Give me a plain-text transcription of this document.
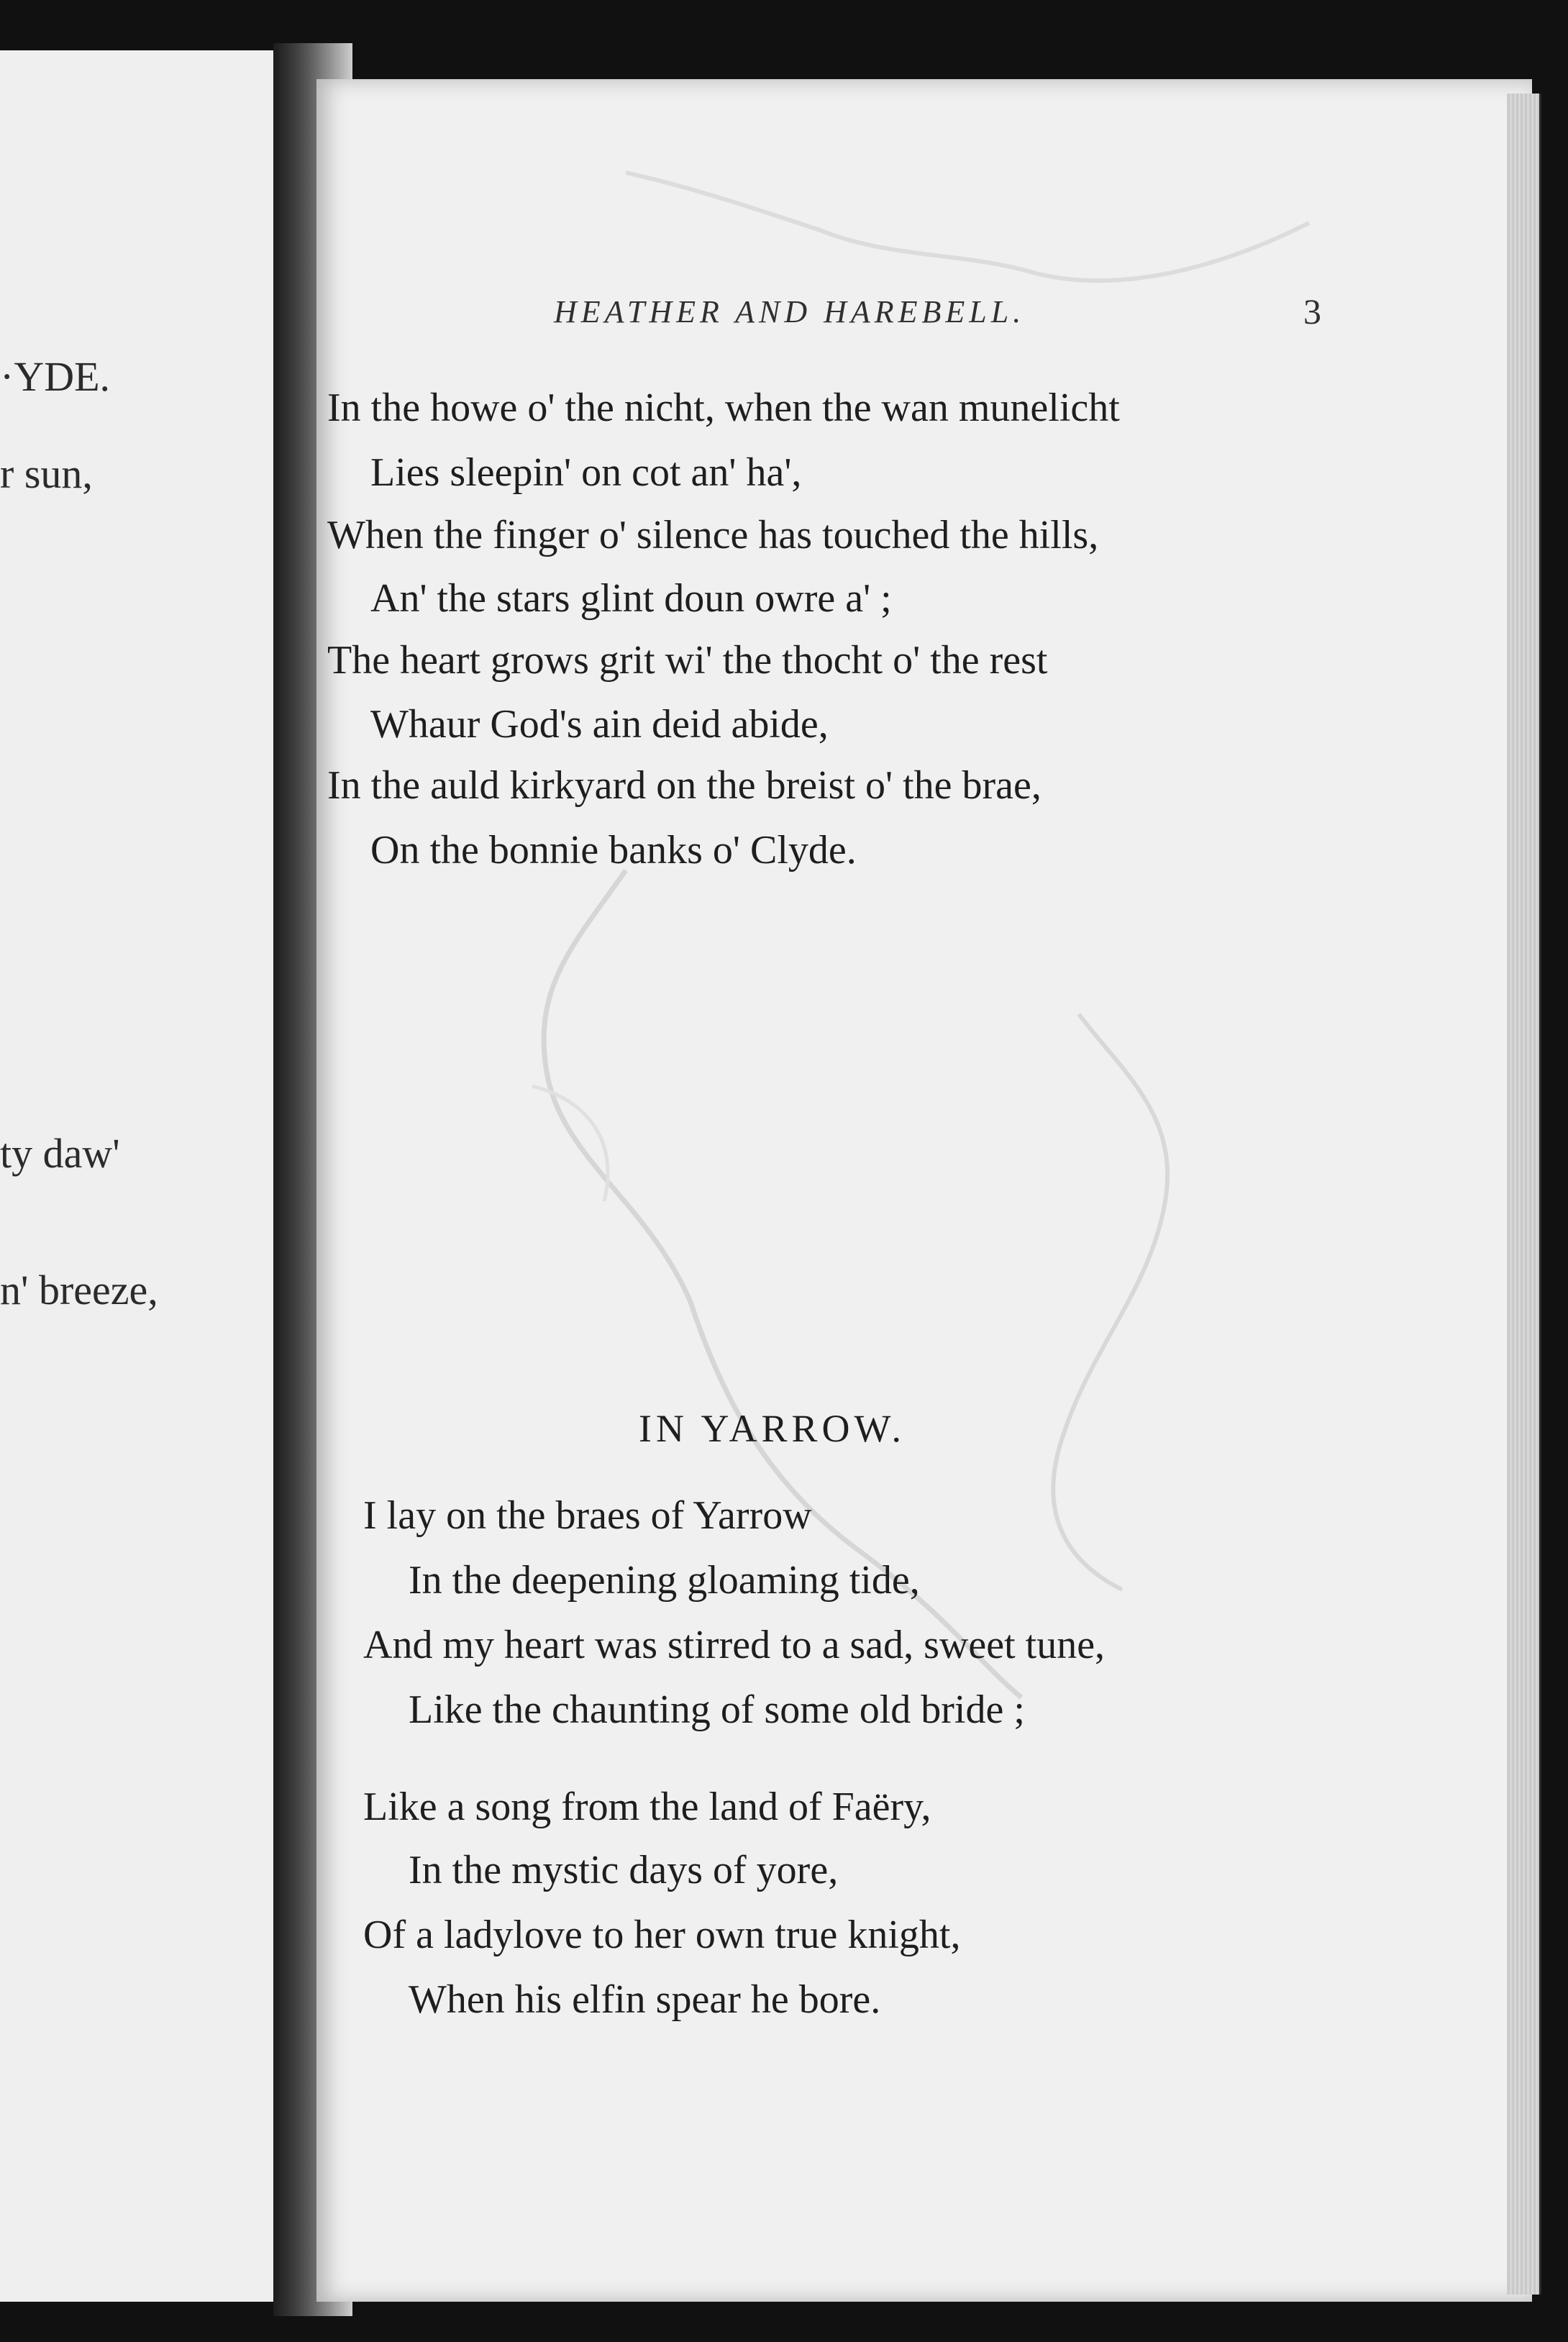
·YDE.
r sun,
ty daw'
n' breeze,
HEATHER AND HAREBELL.	3
In the howe o' the nicht, when the wan munelicht
Lies sleepin' on cot an' ha',
When the finger o' silence has touched the hills,
An' the stars glint doun owre a' ;
The heart grows grit wi' the thocht o' the rest
Whaur God's ain deid abide,
In the auld kirkyard on the breist o' the brae,
On the bonnie banks o' Clyde.
IN YARROW.
I lay on the braes of Yarrow
In the deepening gloaming tide,
And my heart was stirred to a sad, sweet tune,
Like the chaunting of some old bride ;
Like a song from the land of Faëry,
In the mystic days of yore,
Of a ladylove to her own true knight,
When his elfin spear he bore.
